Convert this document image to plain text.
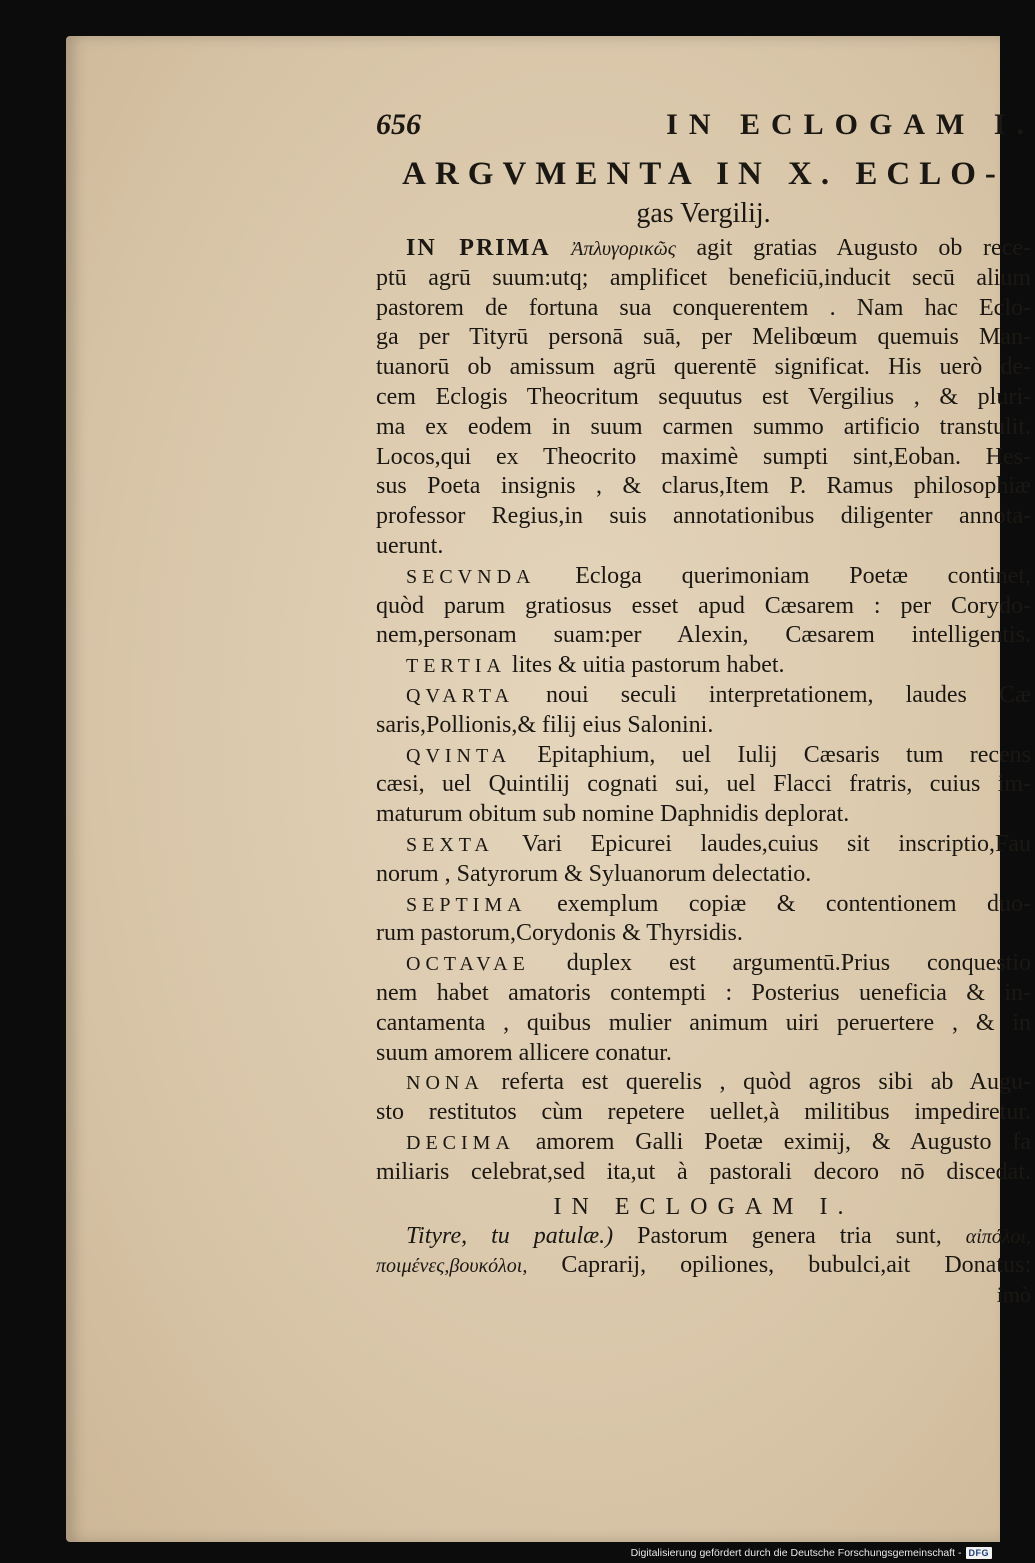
656	IN ECLOGAM I.
ARGVMENTA IN X. ECLO-
gas Vergilij.
IN PRIMA Ἀπλυγορικῶς agit gratias Augusto ob rece-
ptū agrū suum:utq; amplificet beneficiū,inducit secū alium
pastorem de fortuna sua conquerentem . Nam hac Eclo-
ga per Tityrū personā suā, per Melibœum quemuis Man-
tuanorū ob amissum agrū querentē significat. His uerò de-
cem Eclogis Theocritum sequutus est Vergilius , & pluri-
ma ex eodem in suum carmen summo artificio transtulit.
Locos,qui ex Theocrito maximè sumpti sint,Eoban. Hes-
sus Poeta insignis , & clarus,Item P. Ramus philosophiæ
professor Regius,in suis annotationibus diligenter annota-
uerunt.
SECVNDA Ecloga querimoniam Poetæ continet,
quòd parum gratiosus esset apud Cæsarem : per Corydo-
nem,personam suam:per Alexin, Cæsarem intelligentis.
TERTIA lites & uitia pastorum habet.
QVARTA noui seculi interpretationem, laudes Cæ
saris,Pollionis,& filij eius Salonini.
QVINTA Epitaphium, uel Iulij Cæsaris tum recens
cæsi, uel Quintilij cognati sui, uel Flacci fratris, cuius im-
maturum obitum sub nomine Daphnidis deplorat.
SEXTA Vari Epicurei laudes,cuius sit inscriptio,Fau
norum , Satyrorum & Syluanorum delectatio.
SEPTIMA exemplum copiæ & contentionem duo-
rum pastorum,Corydonis & Thyrsidis.
OCTAVAE duplex est argumentū.Prius conquestio
nem habet amatoris contempti : Posterius ueneficia & in-
cantamenta , quibus mulier animum uiri peruertere , & in
suum amorem allicere conatur.
NONA referta est querelis , quòd agros sibi ab Augu-
sto restitutos cùm repetere uellet,à militibus impediretur.
DECIMA amorem Galli Poetæ eximij, & Augusto fa
miliaris celebrat,sed ita,ut à pastorali decoro nō discedat.
IN ECLOGAM I.
Tityre, tu patulæ.) Pastorum genera tria sunt, αἰπόλοι,
ποιμένες,βουκόλοι, Caprarij, opiliones, bubulci,ait Donatus:
imò
Digitalisierung gefördert durch die Deutsche Forschungsgemeinschaft - DFG
